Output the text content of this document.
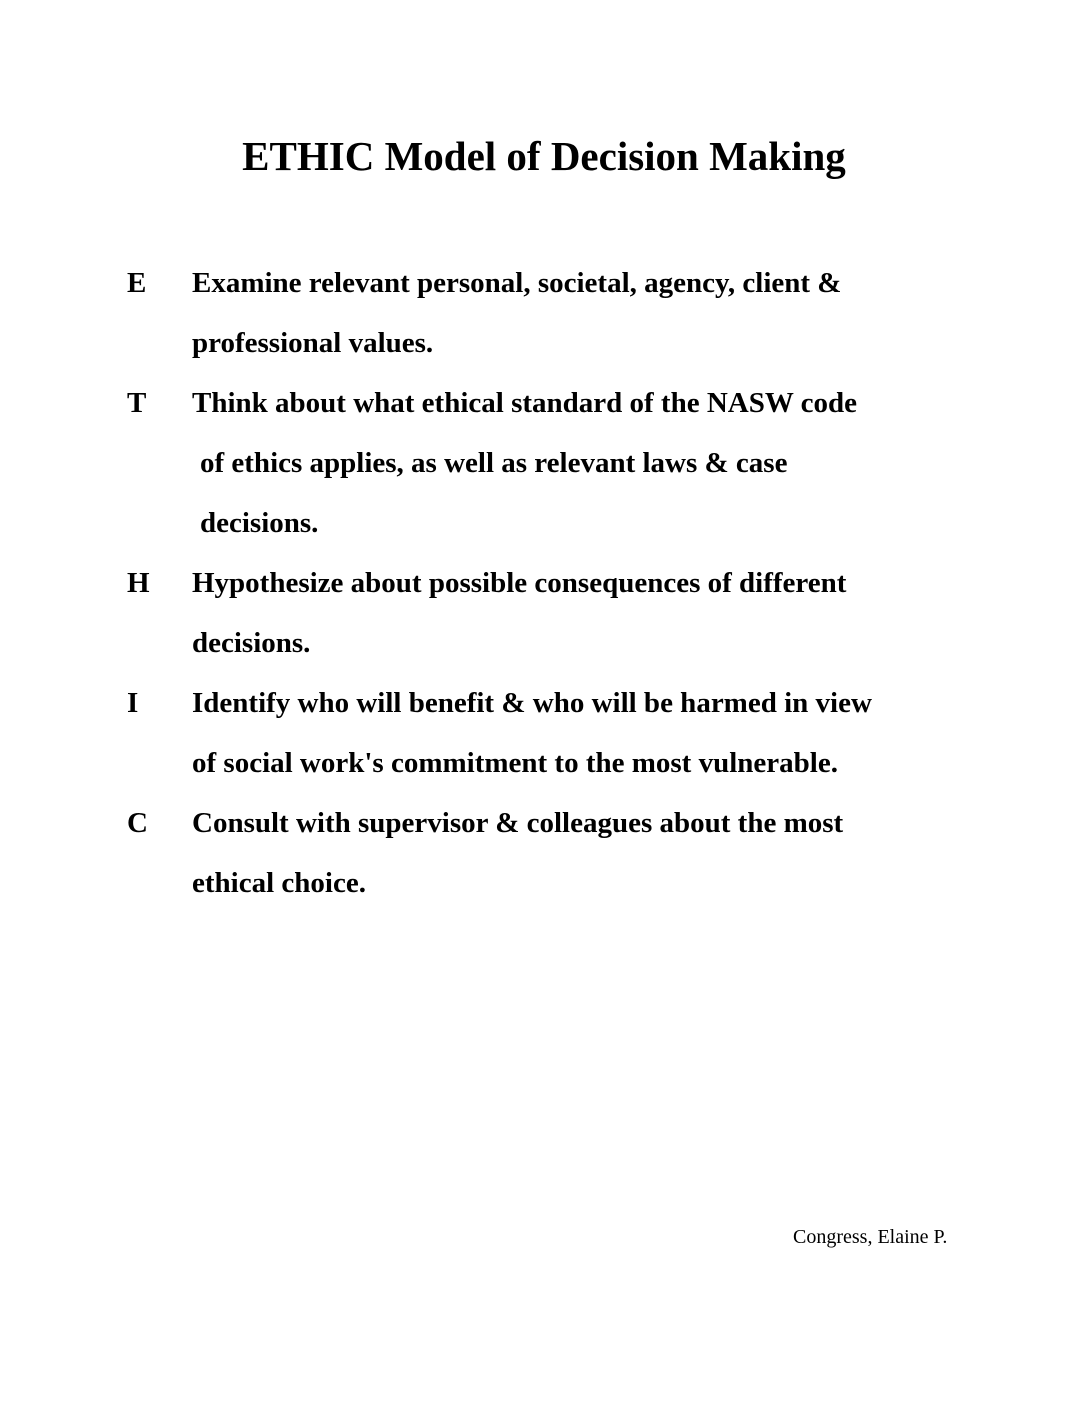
ETHIC Model of Decision Making
E Examine relevant personal, societal, agency, client &
professional values.
T Think about what ethical standard of the NASW code
of ethics applies, as well as relevant laws & case
decisions.
H Hypothesize about possible consequences of different
decisions.
I Identify who will benefit & who will be harmed in view
of social work's commitment to the most vulnerable.
C Consult with supervisor & colleagues about the most
ethical choice.
Congress, Elaine P.
